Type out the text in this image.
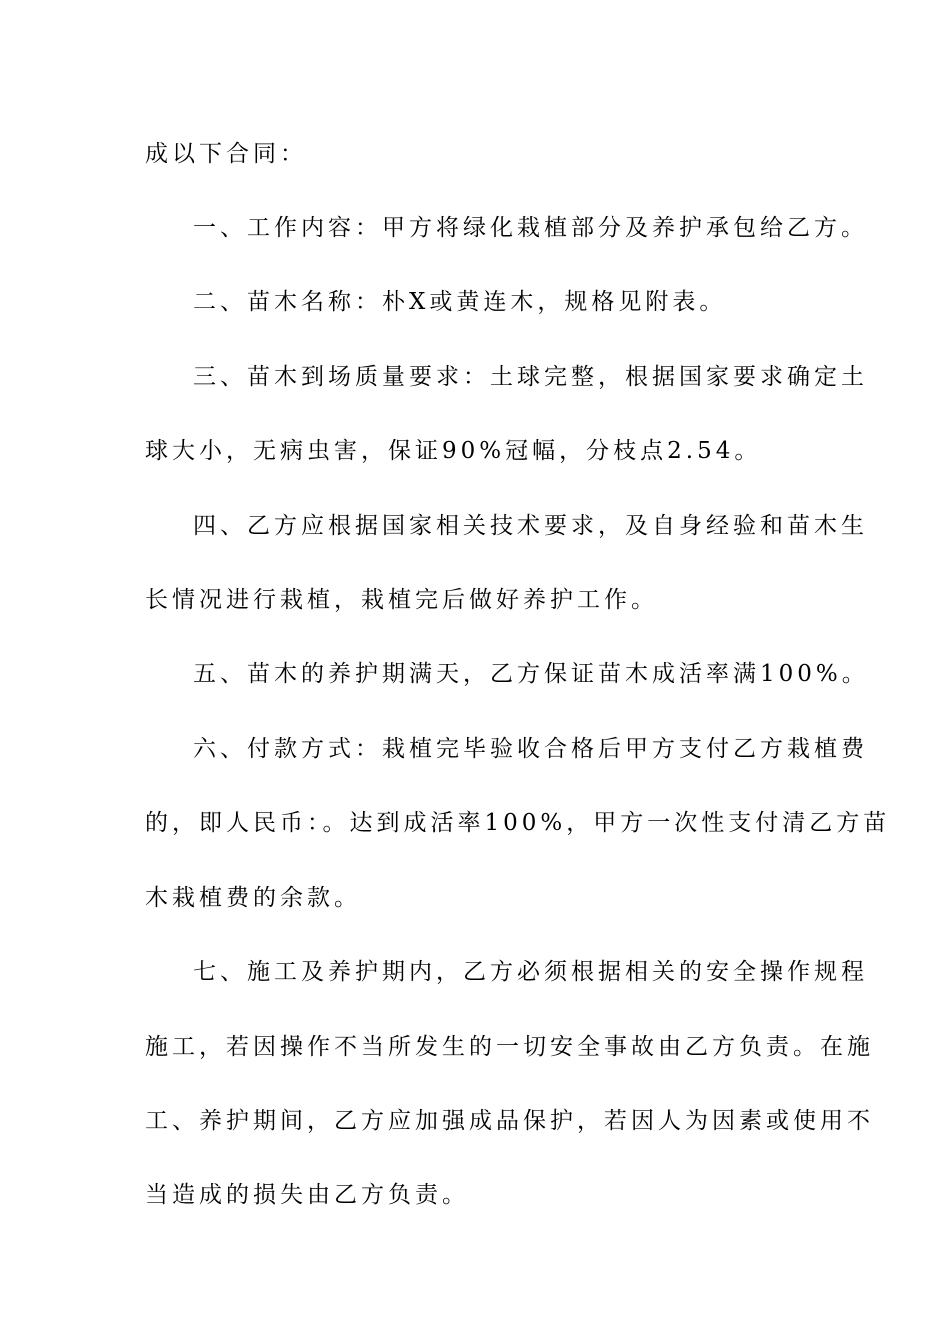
成以下合同：
一、工作内容：甲方将绿化栽植部分及养护承包给乙方。
二、苗木名称：朴X或黄连木，规格见附表。
三、苗木到场质量要求：土球完整，根据国家要求确定土
球大小，无病虫害，保证90%冠幅，分枝点2.54。
四、乙方应根据国家相关技术要求，及自身经验和苗木生
长情况进行栽植，栽植完后做好养护工作。
五、苗木的养护期满天，乙方保证苗木成活率满100%。
六、付款方式：栽植完毕验收合格后甲方支付乙方栽植费
的，即人民币：。达到成活率100%，甲方一次性支付清乙方苗
木栽植费的余款。
七、施工及养护期内，乙方必须根据相关的安全操作规程
施工，若因操作不当所发生的一切安全事故由乙方负责。在施
工、养护期间，乙方应加强成品保护，若因人为因素或使用不
当造成的损失由乙方负责。
